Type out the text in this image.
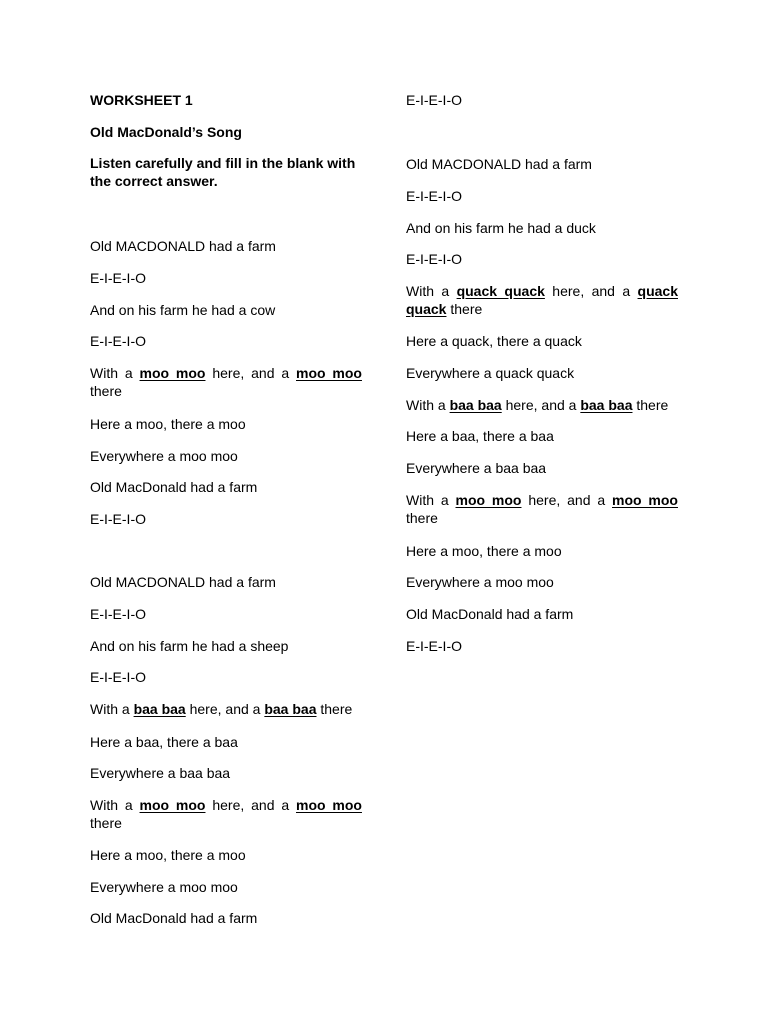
WORKSHEET 1
Old MacDonald’s Song
Listen carefully and fill in the blank with the correct answer.
Old MACDONALD had a farm
E-I-E-I-O
And on his farm he had a cow
E-I-E-I-O
With a moo moo here, and a moo moo there
Here a moo, there a moo
Everywhere a moo moo
Old MacDonald had a farm
E-I-E-I-O
Old MACDONALD had a farm
E-I-E-I-O
And on his farm he had a sheep
E-I-E-I-O
With a baa baa here, and a baa baa there
Here a baa, there a baa
Everywhere a baa baa
With a moo moo here, and a moo moo there
Here a moo, there a moo
Everywhere a moo moo
Old MacDonald had a farm
E-I-E-I-O
Old MACDONALD had a farm
E-I-E-I-O
And on his farm he had a duck
E-I-E-I-O
With a quack quack here, and a quack quack there
Here a quack, there a quack
Everywhere a quack quack
With a baa baa here, and a baa baa there
Here a baa, there a baa
Everywhere a baa baa
With a moo moo here, and a moo moo there
Here a moo, there a moo
Everywhere a moo moo
Old MacDonald had a farm
E-I-E-I-O
